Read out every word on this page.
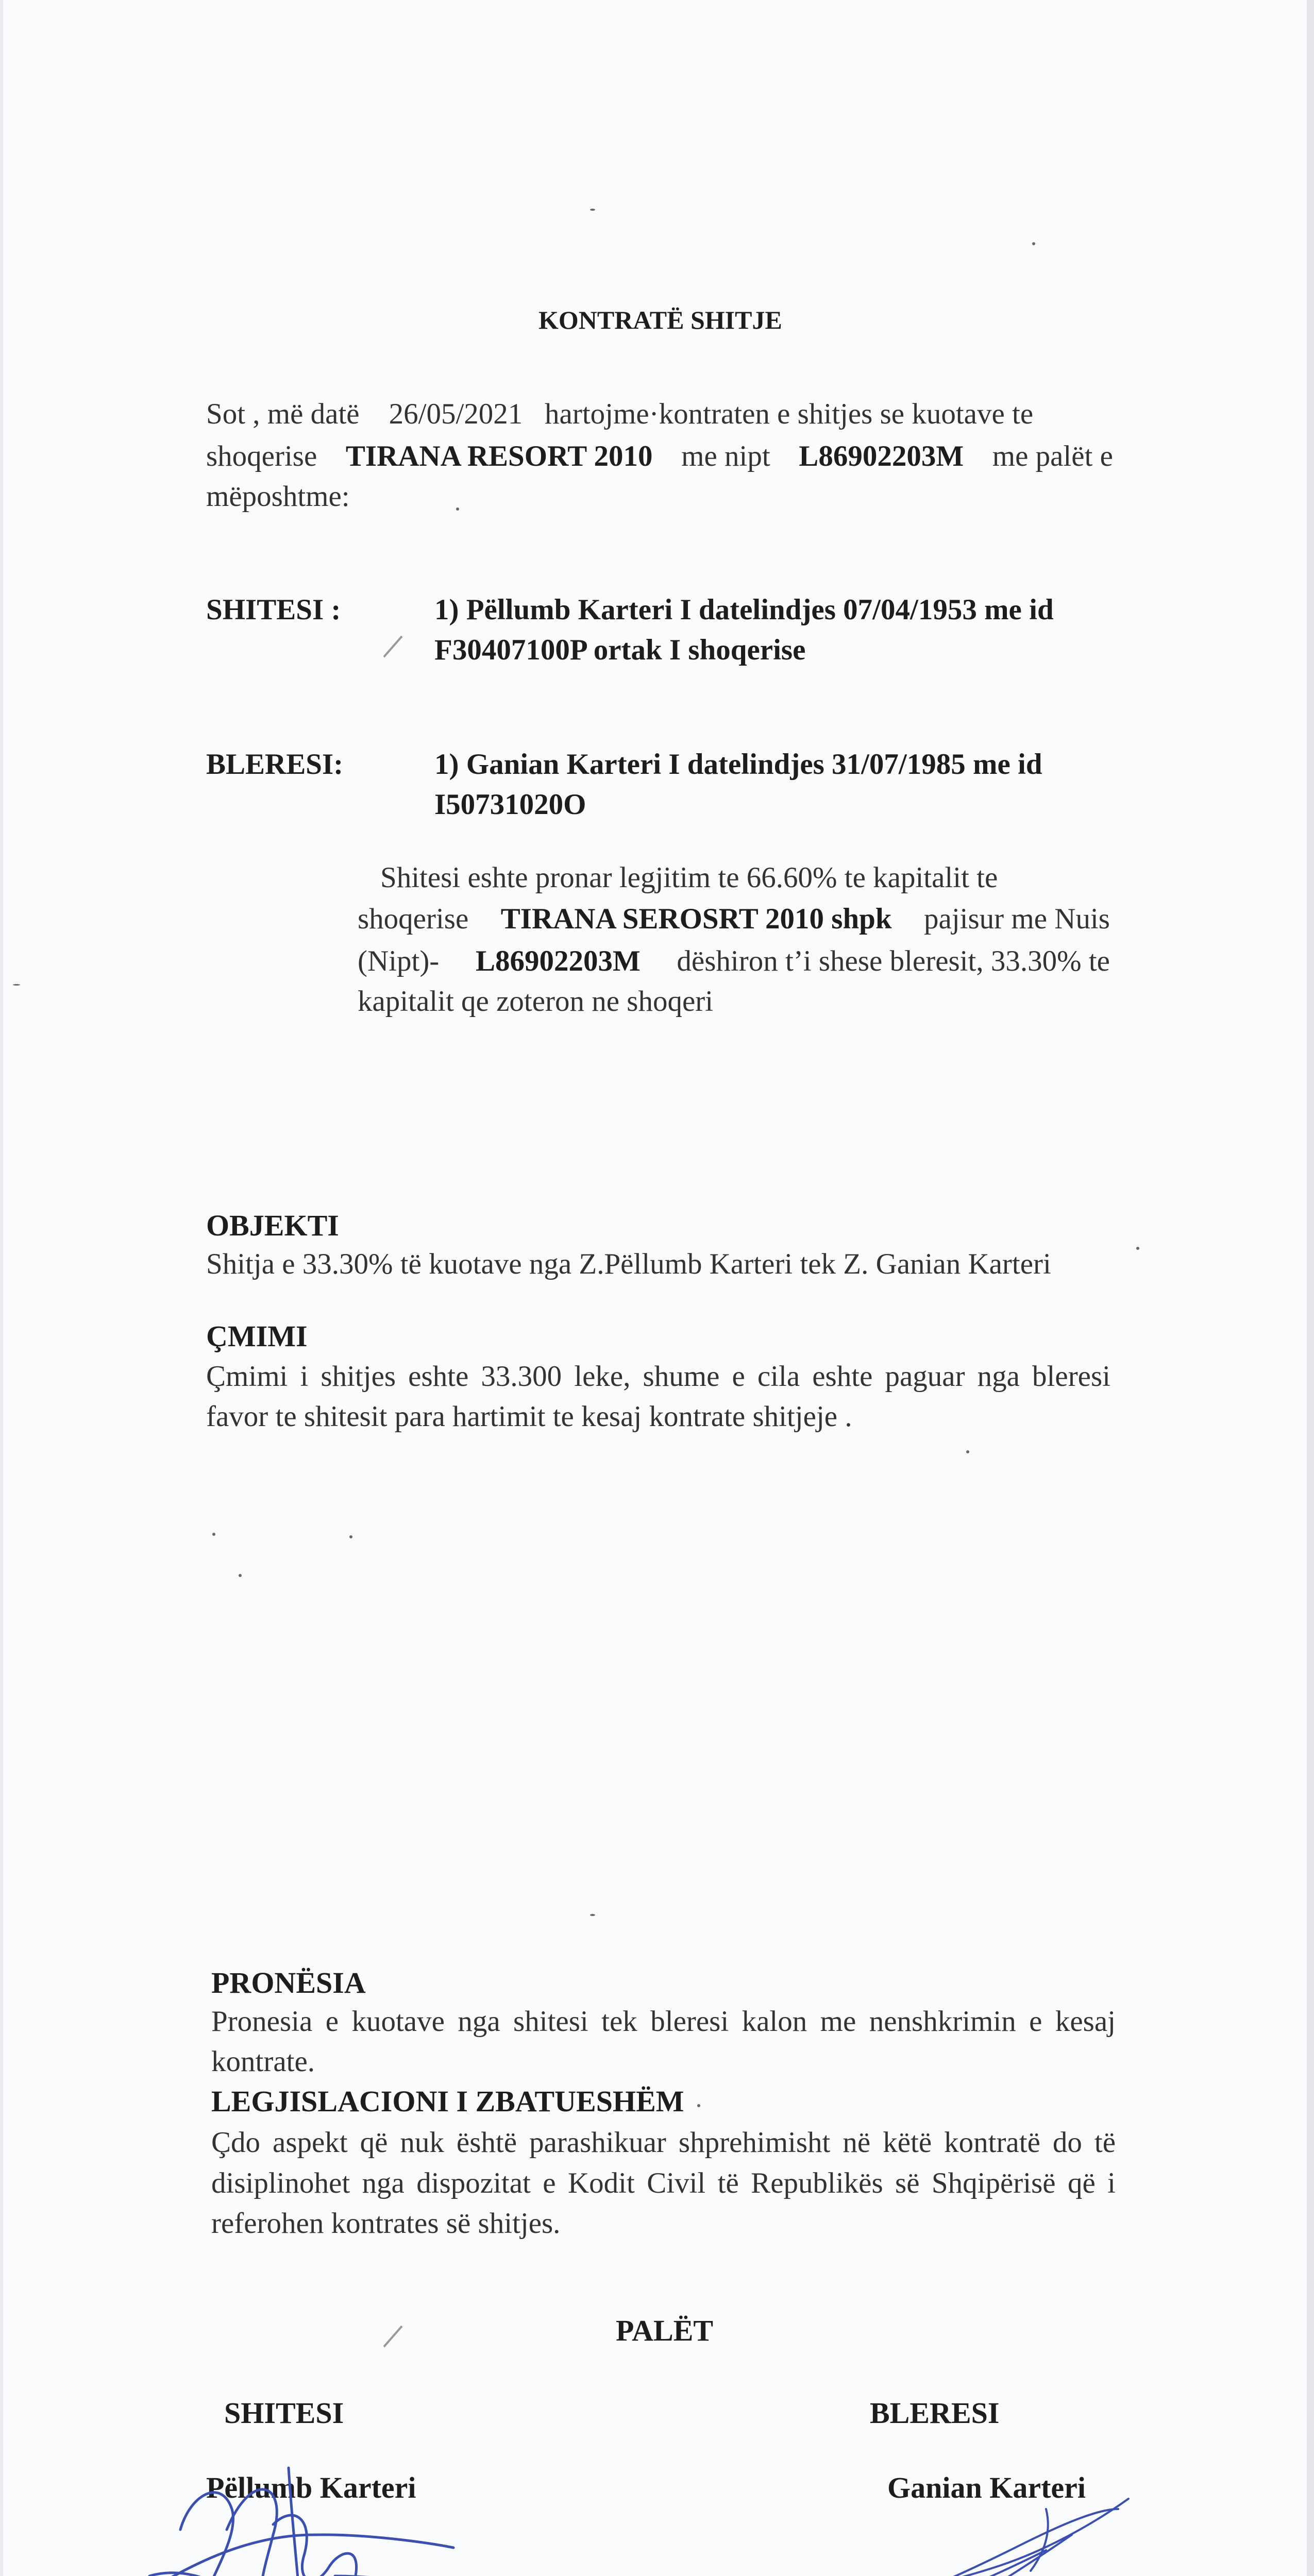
KONTRATË SHITJE
Sot , më datë 26/05/2021 hartojme·kontraten e shitjes se kuotave te
shoqerise TIRANA RESORT 2010 me nipt L86902203M me palët e
mëposhtme:
SHITESI :	1) Pëllumb Karteri I datelindjes 07/04/1953 me id
F30407100P ortak I shoqerise
BLERESI:	1) Ganian Karteri I datelindjes 31/07/1985 me id
I50731020O
Shitesi eshte pronar legjitim te 66.60% te kapitalit te
shoqerise TIRANA SEROSRT 2010 shpk pajisur me Nuis
(Nipt)- L86902203M dëshiron t’i shese bleresit, 33.30% te
kapitalit qe zoteron ne shoqeri
OBJEKTI
Shitja e 33.30% të kuotave nga Z.Pëllumb Karteri tek Z. Ganian Karteri
ÇMIMI
Çmimi i shitjes eshte 33.300 leke, shume e cila eshte paguar nga bleresi
favor te shitesit para hartimit te kesaj kontrate shitjeje .
PRONËSIA
Pronesia e kuotave nga shitesi tek bleresi kalon me nenshkrimin e kesaj
kontrate.
LEGJISLACIONI I ZBATUESHËM
Çdo aspekt që nuk është parashikuar shprehimisht në këtë kontratë do të
disiplinohet nga dispozitat e Kodit Civil të Republikës së Shqipërisë që i
referohen kontrates së shitjes.
PALËT
SHITESI	BLERESI
Pëllumb Karteri	Ganian Karteri
